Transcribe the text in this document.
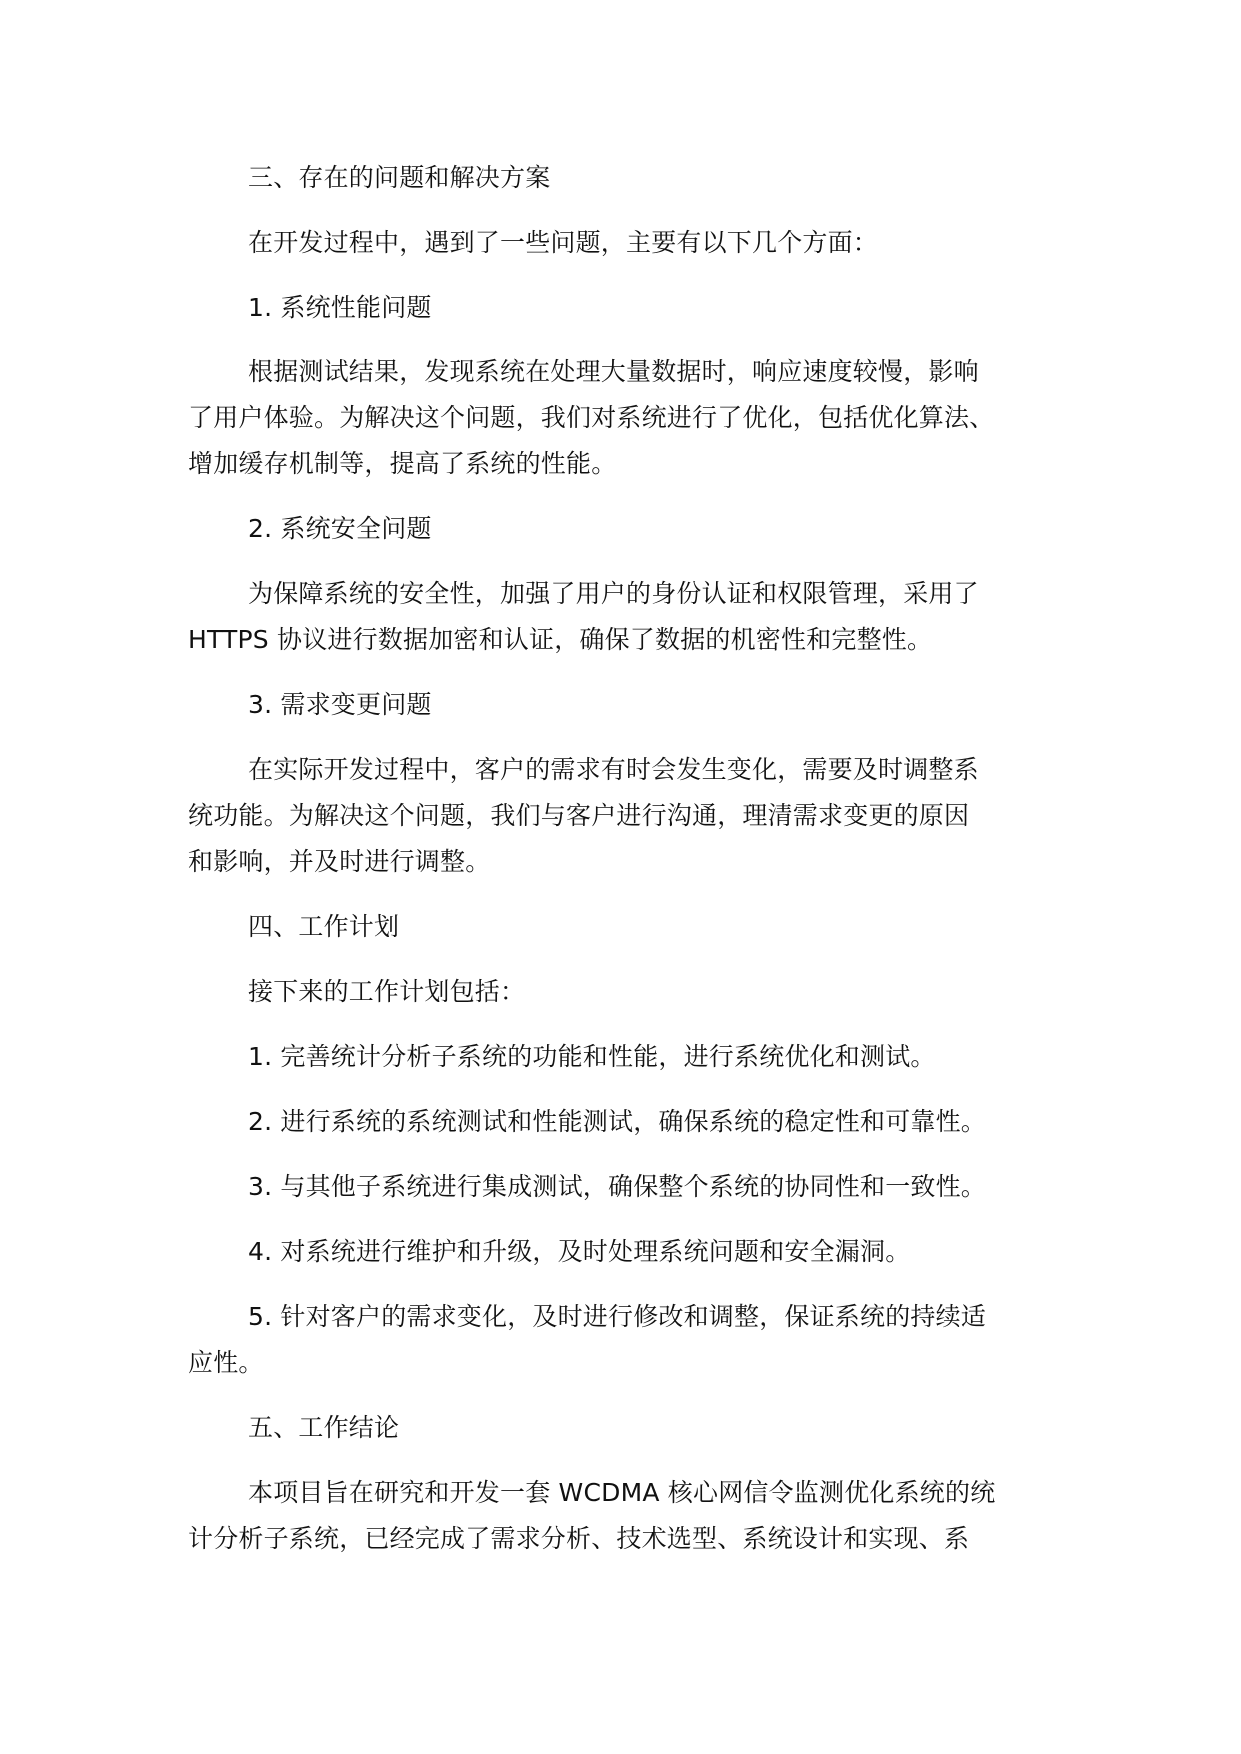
三、存在的问题和解决方案
在开发过程中，遇到了一些问题，主要有以下几个方面：
1. 系统性能问题
根据测试结果，发现系统在处理大量数据时，响应速度较慢，影响
了用户体验。为解决这个问题，我们对系统进行了优化，包括优化算法、
增加缓存机制等，提高了系统的性能。
2. 系统安全问题
为保障系统的安全性，加强了用户的身份认证和权限管理，采用了
HTTPS 协议进行数据加密和认证，确保了数据的机密性和完整性。
3. 需求变更问题
在实际开发过程中，客户的需求有时会发生变化，需要及时调整系
统功能。为解决这个问题，我们与客户进行沟通，理清需求变更的原因
和影响，并及时进行调整。
四、工作计划
接下来的工作计划包括：
1. 完善统计分析子系统的功能和性能，进行系统优化和测试。
2. 进行系统的系统测试和性能测试，确保系统的稳定性和可靠性。
3. 与其他子系统进行集成测试，确保整个系统的协同性和一致性。
4. 对系统进行维护和升级，及时处理系统问题和安全漏洞。
5. 针对客户的需求变化，及时进行修改和调整，保证系统的持续适
应性。
五、工作结论
本项目旨在研究和开发一套 WCDMA 核心网信令监测优化系统的统
计分析子系统，已经完成了需求分析、技术选型、系统设计和实现、系
